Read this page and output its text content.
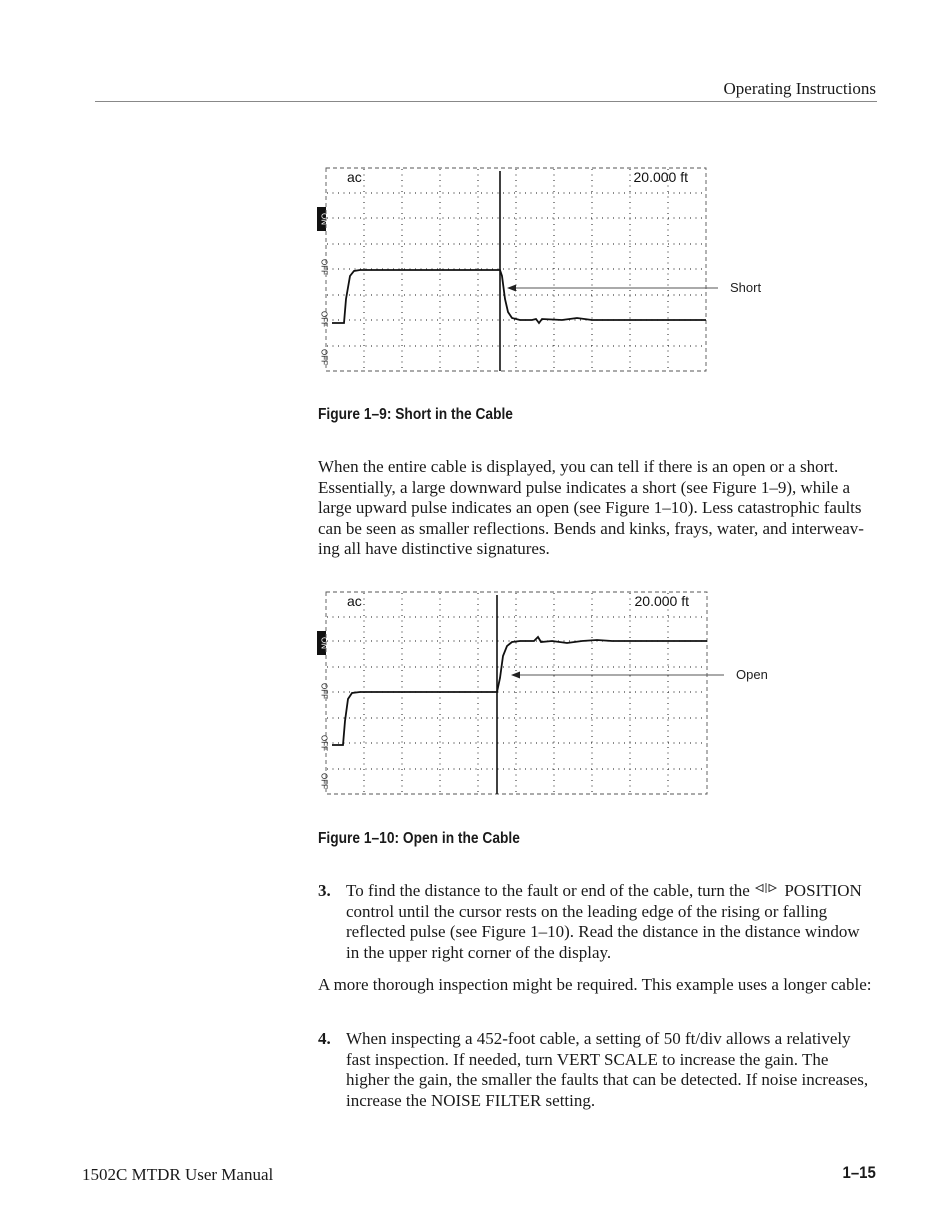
Operating Instructions
ON
OFF
OFF
OFF
ac	20.000 ft
Short
Figure 1–9: Short in the Cable
When the entire cable is displayed, you can tell if there is an open or a short. Essentially, a large downward pulse indicates a short (see Figure 1–9), while a large upward pulse indicates an open (see Figure 1–10). Less catastrophic faults can be seen as smaller reflections. Bends and kinks, frays, water, and interweav-ing all have distinctive signatures.
ON
OFF
OFF
OFF
ac	20.000 ft
Open
Figure 1–10: Open in the Cable
3. To find the distance to the fault or end of the cable, turn the POSITION control until the cursor rests on the leading edge of the rising or falling reflected pulse (see Figure 1–10). Read the distance in the distance window in the upper right corner of the display.
A more thorough inspection might be required. This example uses a longer cable:
4. When inspecting a 452-foot cable, a setting of 50 ft/div allows a relatively fast inspection. If needed, turn VERT SCALE to increase the gain. The higher the gain, the smaller the faults that can be detected. If noise increases, increase the NOISE FILTER setting.
1502C MTDR User Manual	1–15
